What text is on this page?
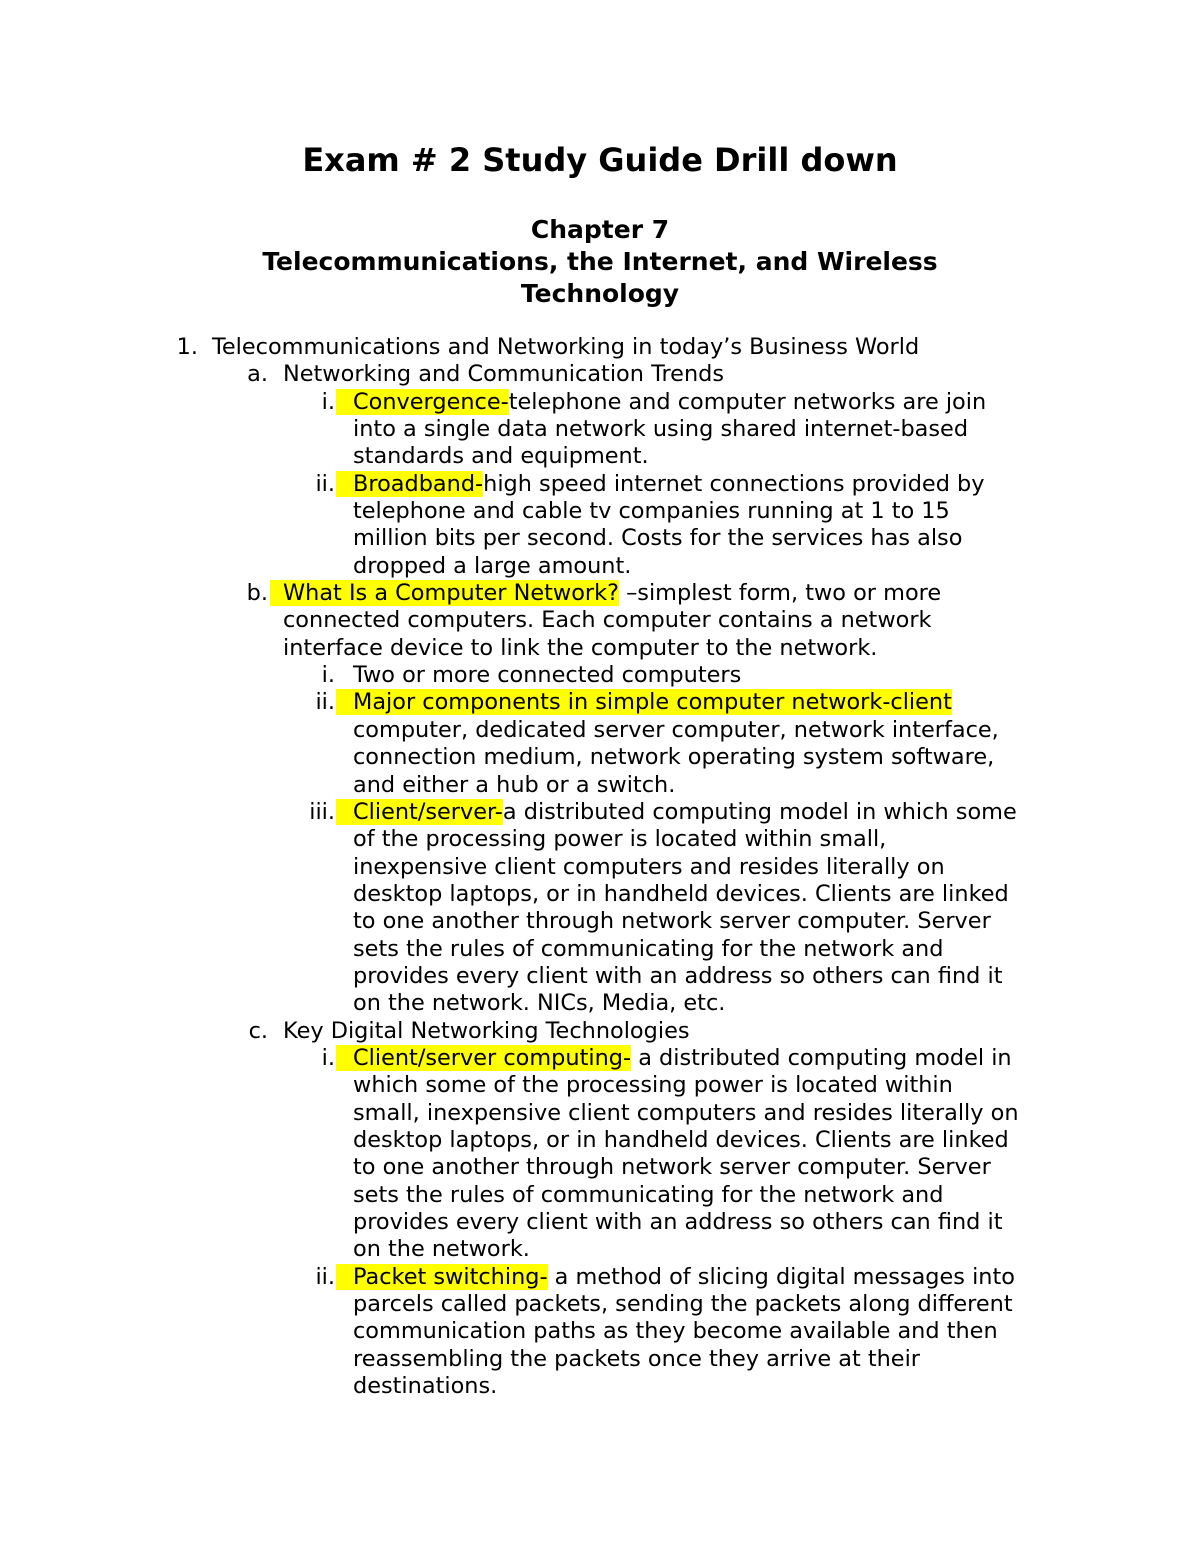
Exam # 2 Study Guide Drill down
Chapter 7
Telecommunications, the Internet, and Wireless
Technology
1. Telecommunications and Networking in today’s Business World
a. Networking and Communication Trends
i. Convergence-telephone and computer networks are join
into a single data network using shared internet-based
standards and equipment.
ii. Broadband-high speed internet connections provided by
telephone and cable tv companies running at 1 to 15
million bits per second. Costs for the services has also
dropped a large amount.
b. What Is a Computer Network? –simplest form, two or more
connected computers. Each computer contains a network
interface device to link the computer to the network.
i. Two or more connected computers
ii. Major components in simple computer network-client
computer, dedicated server computer, network interface,
connection medium, network operating system software,
and either a hub or a switch.
iii. Client/server-a distributed computing model in which some
of the processing power is located within small,
inexpensive client computers and resides literally on
desktop laptops, or in handheld devices. Clients are linked
to one another through network server computer. Server
sets the rules of communicating for the network and
provides every client with an address so others can find it
on the network. NICs, Media, etc.
c. Key Digital Networking Technologies
i. Client/server computing- a distributed computing model in
which some of the processing power is located within
small, inexpensive client computers and resides literally on
desktop laptops, or in handheld devices. Clients are linked
to one another through network server computer. Server
sets the rules of communicating for the network and
provides every client with an address so others can find it
on the network.
ii. Packet switching- a method of slicing digital messages into
parcels called packets, sending the packets along different
communication paths as they become available and then
reassembling the packets once they arrive at their
destinations.
